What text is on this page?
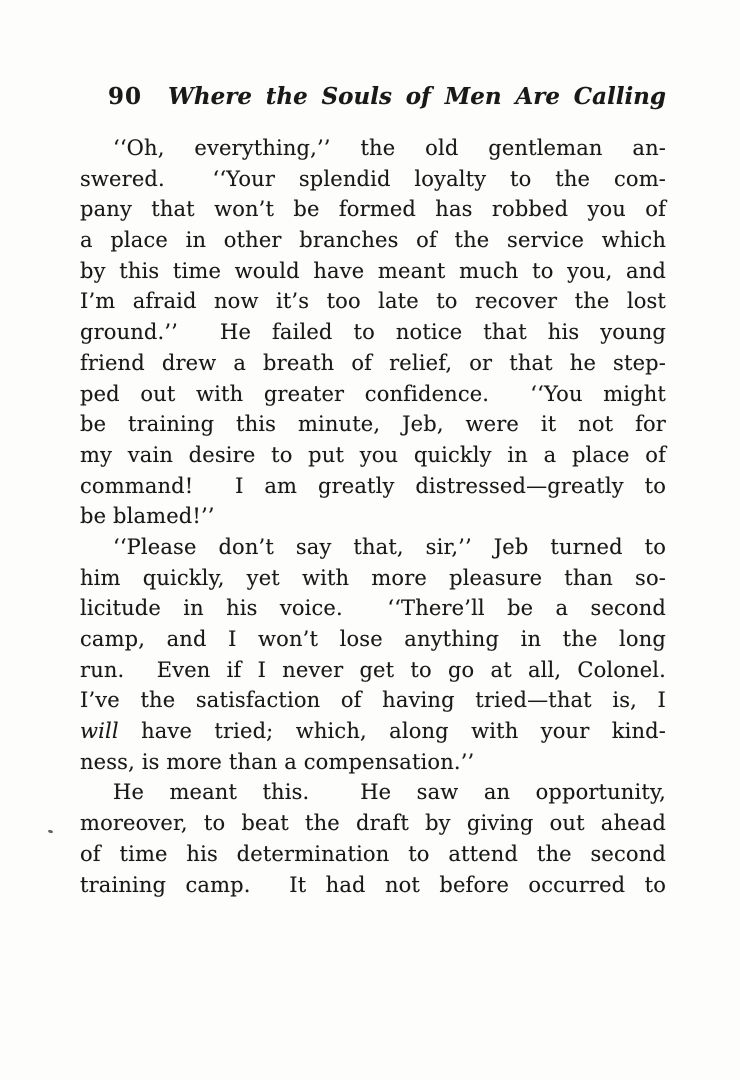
90 Where the Souls of Men Are Calling
‘‘Oh, everything,’’ the old gentleman an-
swered.  ‘‘Your splendid loyalty to the com-
pany that won’t be formed has robbed you of
a place in other branches of the service which
by this time would have meant much to you, and
I’m afraid now it’s too late to recover the lost
ground.’’  He failed to notice that his young
friend drew a breath of relief, or that he step-
ped out with greater confidence.  ‘‘You might
be training this minute, Jeb, were it not for
my vain desire to put you quickly in a place of
command!  I am greatly distressed—greatly to
be blamed!’’
‘‘Please don’t say that, sir,’’ Jeb turned to
him quickly, yet with more pleasure than so-
licitude in his voice.  ‘‘There’ll be a second
camp, and I won’t lose anything in the long
run.  Even if I never get to go at all, Colonel.
I’ve the satisfaction of having tried—that is, I
will have tried; which, along with your kind-
ness, is more than a compensation.’’
He meant this.  He saw an opportunity,
moreover, to beat the draft by giving out ahead
of time his determination to attend the second
training camp.  It had not before occurred to
